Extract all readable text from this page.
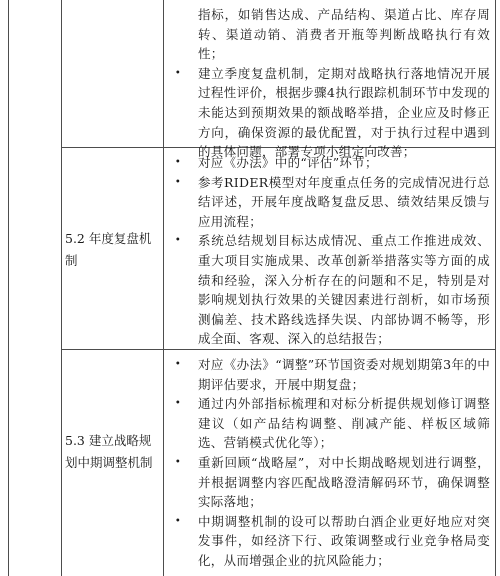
指标，如销售达成、产品结构、渠道占比、库存周转、渠道动销、消费者开瓶等判断战略执行有效性；
• 建立季度复盘机制，定期对战略执行落地情况开展过程性评价，根据步骤4执行跟踪机制环节中发现的未能达到预期效果的额战略举措，企业应及时修正方向，确保资源的最优配置，对于执行过程中遇到的具体问题，部署专项小组定向改善；
5.2 年度复盘机制
• 对应《办法》中的“评估”环节；
• 参考RIDER模型对年度重点任务的完成情况进行总结评述，开展年度战略复盘反思、绩效结果反馈与应用流程；
• 系统总结规划目标达成情况、重点工作推进成效、重大项目实施成果、改革创新举措落实等方面的成绩和经验，深入分析存在的问题和不足，特别是对影响规划执行效果的关键因素进行剖析，如市场预测偏差、技术路线选择失误、内部协调不畅等，形成全面、客观、深入的总结报告；
5.3 建立战略规划中期调整机制
• 对应《办法》“调整”环节国资委对规划期第3年的中期评估要求，开展中期复盘；
• 通过内外部指标梳理和对标分析提供规划修订调整建议（如产品结构调整、削减产能、样板区域筛选、营销模式优化等）；
• 重新回顾“战略屋”，对中长期战略规划进行调整，并根据调整内容匹配战略澄清解码环节，确保调整实际落地；
• 中期调整机制的设可以帮助白酒企业更好地应对突发事件，如经济下行、政策调整或行业竞争格局变化，从而增强企业的抗风险能力；
